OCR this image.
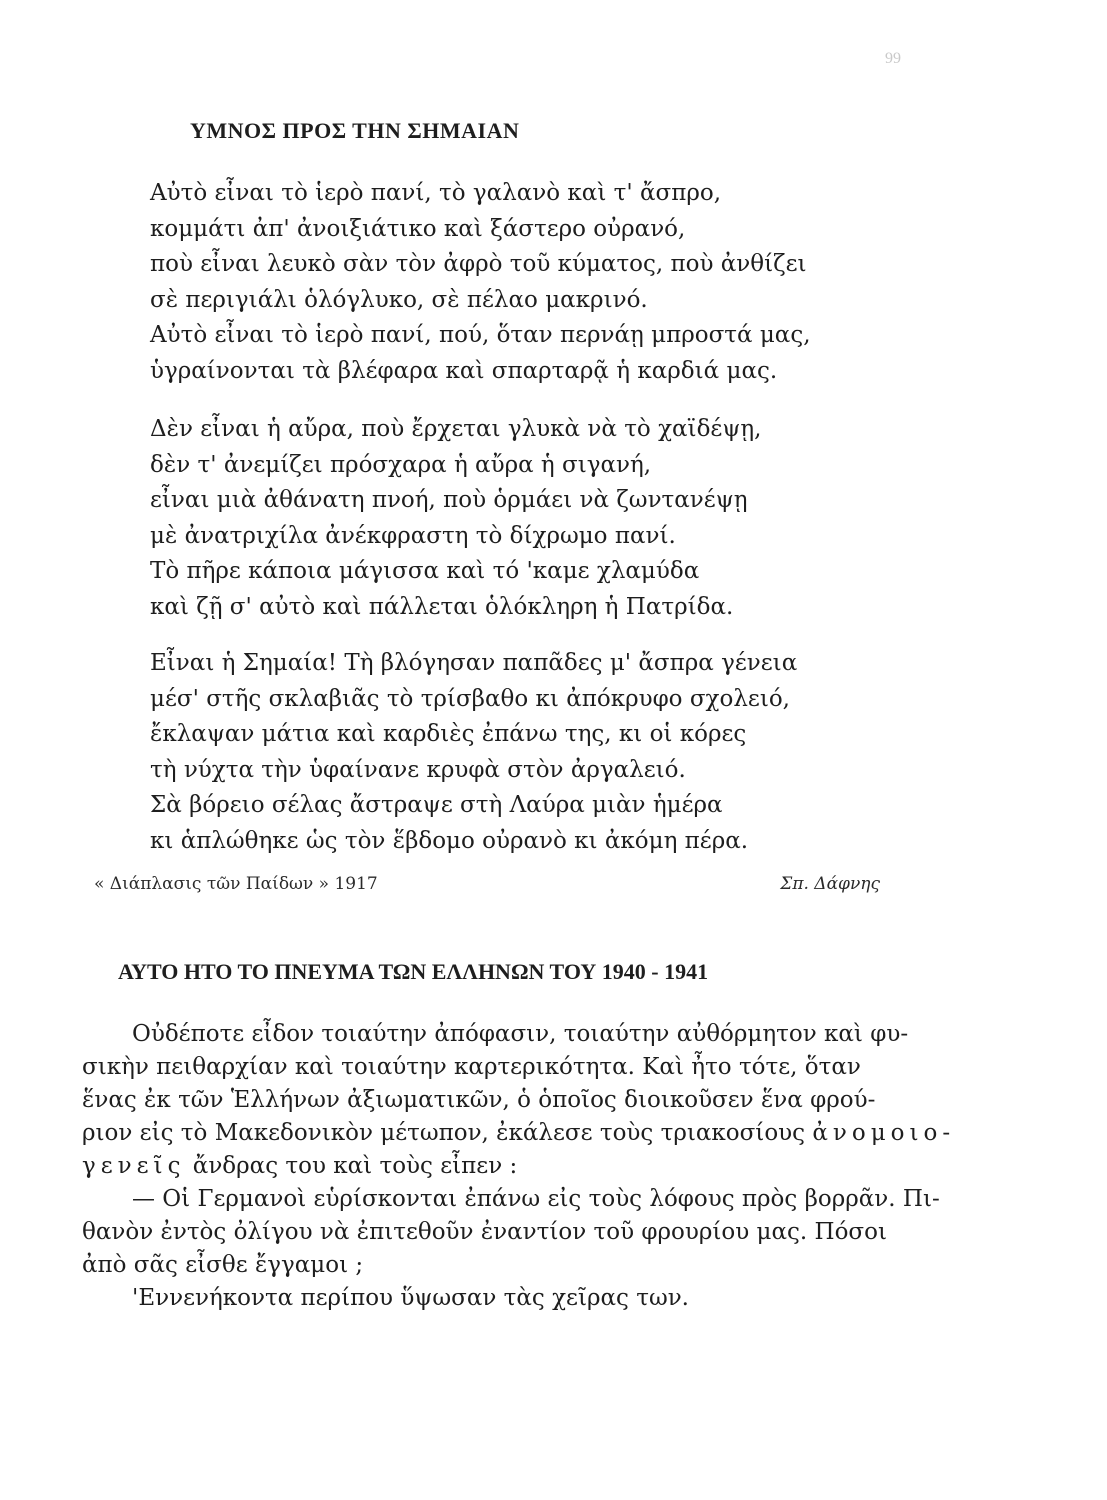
99
ΥΜΝΟΣ ΠΡΟΣ ΤΗΝ ΣΗΜΑΙΑΝ
Αὐτὸ εἶναι τὸ ἱερὸ πανί, τὸ γαλανὸ καὶ τ' ἄσπρο,
κομμάτι ἀπ' ἀνοιξιάτικο καὶ ξάστερο οὐρανό,
ποὺ εἶναι λευκὸ σὰν τὸν ἀφρὸ τοῦ κύματος, ποὺ ἀνθίζει
σὲ περιγιάλι ὁλόγλυκο, σὲ πέλαο μακρινό.
Αὐτὸ εἶναι τὸ ἱερὸ πανί, πού, ὅταν περνάῃ μπροστά μας,
ὑγραίνονται τὰ βλέφαρα καὶ σπαρταρᾷ ἡ καρδιά μας.
Δὲν εἶναι ἡ αὔρα, ποὺ ἔρχεται γλυκὰ νὰ τὸ χαϊδέψῃ,
δὲν τ' ἀνεμίζει πρόσχαρα ἡ αὔρα ἡ σιγανή,
εἶναι μιὰ ἀθάνατη πνοή, ποὺ ὁρμάει νὰ ζωντανέψῃ
μὲ ἀνατριχίλα ἀνέκφραστη τὸ δίχρωμο πανί.
Τὸ πῆρε κάποια μάγισσα καὶ τό 'καμε χλαμύδα
καὶ ζῇ σ' αὐτὸ καὶ πάλλεται ὁλόκληρη ἡ Πατρίδα.
Εἶναι ἡ Σημαία! Τὴ βλόγησαν παπᾶδες μ' ἄσπρα γένεια
μέσ' στῆς σκλαβιᾶς τὸ τρίσβαθο κι ἀπόκρυφο σχολειό,
ἔκλαψαν μάτια καὶ καρδιὲς ἐπάνω της, κι οἱ κόρες
τὴ νύχτα τὴν ὑφαίνανε κρυφὰ στὸν ἀργαλειό.
Σὰ βόρειο σέλας ἄστραψε στὴ Λαύρα μιὰν ἡμέρα
κι ἁπλώθηκε ὡς τὸν ἕβδομο οὐρανὸ κι ἀκόμη πέρα.
« Διάπλασις τῶν Παίδων » 1917	Σπ. Δάφνης
ΑΥΤΟ ΗΤΟ ΤΟ ΠΝΕΥΜΑ ΤΩΝ ΕΛΛΗΝΩΝ ΤΟΥ 1940 - 1941
Οὐδέποτε εἶδον τοιαύτην ἀπόφασιν, τοιαύτην αὐθόρμητον καὶ φυ-
σικὴν πειθαρχίαν καὶ τοιαύτην καρτερικότητα. Καὶ ἦτο τότε, ὅταν
ἕνας ἐκ τῶν Ἑλλήνων ἀξιωματικῶν, ὁ ὁποῖος διοικοῦσεν ἕνα φρού-
ριον εἰς τὸ Μακεδονικὸν μέτωπον, ἐκάλεσε τοὺς τριακοσίους ἀνομοιο-
γενεῖς ἄνδρας του καὶ τοὺς εἶπεν :
— Οἱ Γερμανοὶ εὑρίσκονται ἐπάνω εἰς τοὺς λόφους πρὸς βορρᾶν. Πι-
θανὸν ἐντὸς ὀλίγου νὰ ἐπιτεθοῦν ἐναντίον τοῦ φρουρίου μας. Πόσοι
ἀπὸ σᾶς εἶσθε ἔγγαμοι ;
'Εννενήκοντα περίπου ὕψωσαν τὰς χεῖρας των.
